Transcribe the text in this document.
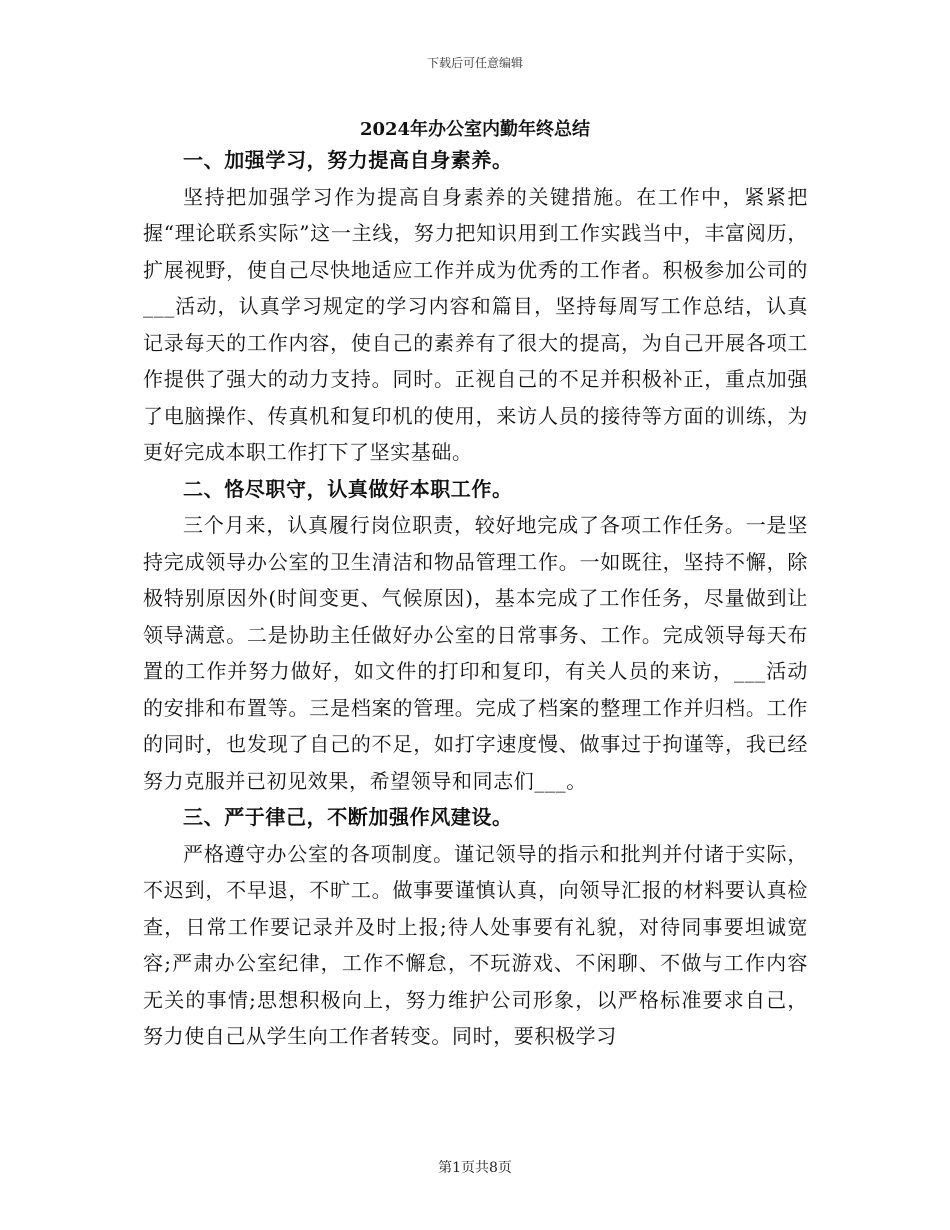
下载后可任意编辑
2024年办公室内勤年终总结
一、加强学习，努力提高自身素养。

坚持把加强学习作为提高自身素养的关键措施。在工作中，紧紧把握“理论联系实际”这一主线，努力把知识用到工作实践当中，丰富阅历，扩展视野，使自己尽快地适应工作并成为优秀的工作者。积极参加公司的___活动，认真学习规定的学习内容和篇目，坚持每周写工作总结，认真记录每天的工作内容，使自己的素养有了很大的提高，为自己开展各项工作提供了强大的动力支持。同时。正视自己的不足并积极补正，重点加强了电脑操作、传真机和复印机的使用，来访人员的接待等方面的训练，为更好完成本职工作打下了坚实基础。

二、恪尽职守，认真做好本职工作。

三个月来，认真履行岗位职责，较好地完成了各项工作任务。一是坚持完成领导办公室的卫生清洁和物品管理工作。一如既往，坚持不懈，除极特别原因外(时间变更、气候原因)，基本完成了工作任务，尽量做到让领导满意。二是协助主任做好办公室的日常事务、工作。完成领导每天布置的工作并努力做好，如文件的打印和复印，有关人员的来访，___活动的安排和布置等。三是档案的管理。完成了档案的整理工作并归档。工作的同时，也发现了自己的不足，如打字速度慢、做事过于拘谨等，我已经努力克服并已初见效果，希望领导和同志们___。

三、严于律己，不断加强作风建设。

严格遵守办公室的各项制度。谨记领导的指示和批判并付诸于实际，不迟到，不早退，不旷工。做事要谨慎认真，向领导汇报的材料要认真检查，日常工作要记录并及时上报;待人处事要有礼貌，对待同事要坦诚宽容;严肃办公室纪律，工作不懈怠，不玩游戏、不闲聊、不做与工作内容无关的事情;思想积极向上，努力维护公司形象，以严格标准要求自己，努力使自己从学生向工作者转变。同时，要积极学习

第1页共8页
